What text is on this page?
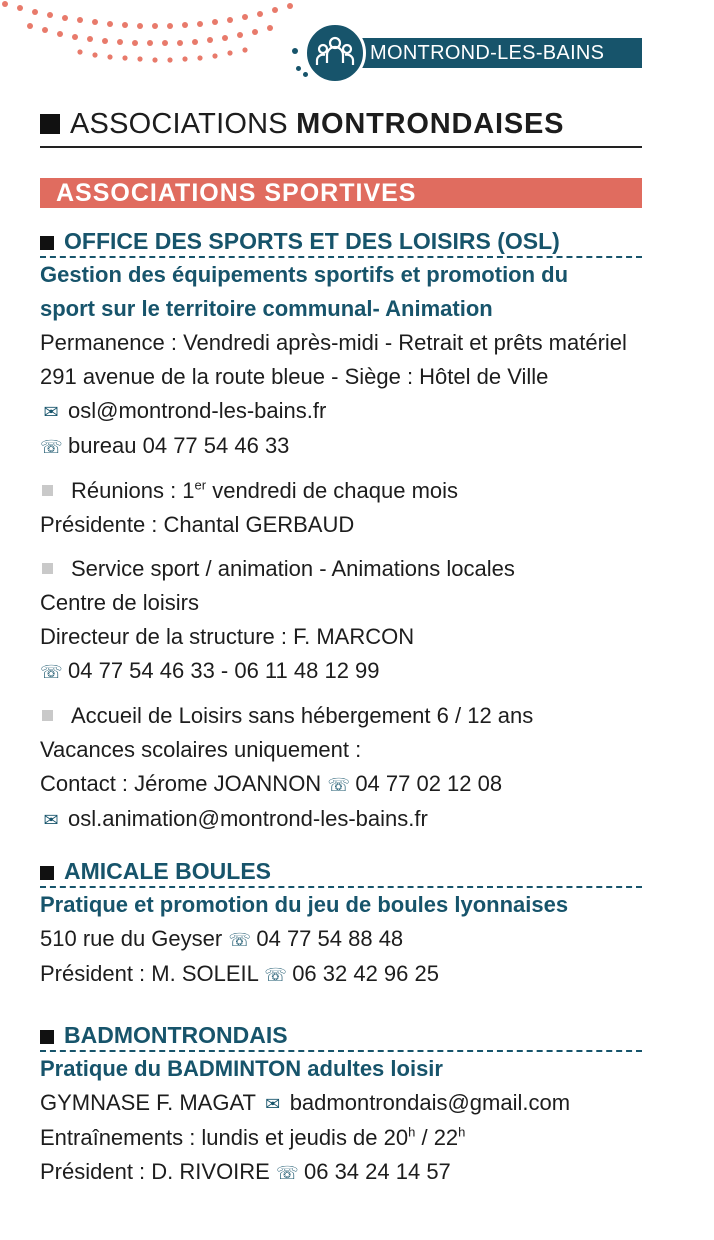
MONTROND-LES-BAINS
ASSOCIATIONS MONTRONDAISES
ASSOCIATIONS SPORTIVES
OFFICE DES SPORTS ET DES LOISIRS (OSL)
Gestion des équipements sportifs et promotion du
sport sur le territoire communal- Animation
Permanence : Vendredi après-midi - Retrait et prêts matériel
291 avenue de la route bleue - Siège : Hôtel de Ville
✉ osl@montrond-les-bains.fr
☏ bureau 04 77 54 46 33
Réunions : 1er vendredi de chaque mois
Présidente : Chantal GERBAUD
Service sport / animation - Animations locales
Centre de loisirs
Directeur de la structure : F. MARCON
☏ 04 77 54 46 33 - 06 11 48 12 99
Accueil de Loisirs sans hébergement 6 / 12 ans
Vacances scolaires uniquement :
Contact : Jérome JOANNON ☏ 04 77 02 12 08
✉ osl.animation@montrond-les-bains.fr
AMICALE BOULES
Pratique et promotion du jeu de boules lyonnaises
510 rue du Geyser ☏ 04 77 54 88 48
Président : M. SOLEIL ☏ 06 32 42 96 25
BADMONTRONDAIS
Pratique du BADMINTON adultes loisir
GYMNASE F. MAGAT ✉ badmontrondais@gmail.com
Entraînements : lundis et jeudis de 20$^h$ / 22$^h$
Président : D. RIVOIRE ☏ 06 34 24 14 57
